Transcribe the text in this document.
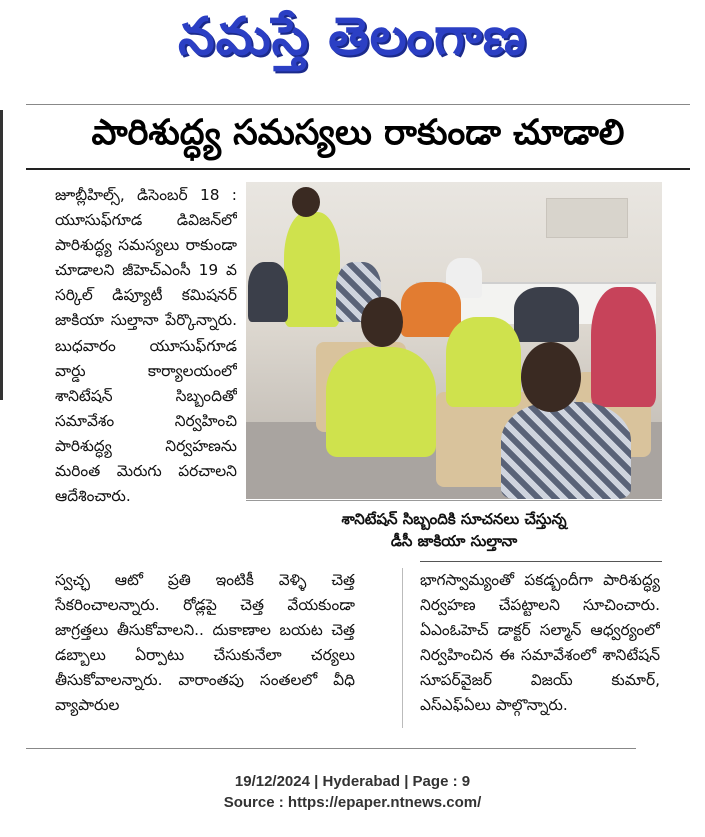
నమస్తే తెలంగాణ
పారిశుద్ధ్య సమస్యలు రాకుండా చూడాలి
జూబ్లీహిల్స్, డిసెంబర్ 18 : యూసుఫ్‌గూడ డివిజన్‌లో పారిశుద్ధ్య సమస్యలు రాకుండా చూడాలని జీహెచ్‌ఎంసీ 19 వ సర్కిల్ డిప్యూటీ కమిషనర్ జాకియా సుల్తానా పేర్కొన్నారు. బుధవారం యూసుఫ్‌గూడ వార్డు కార్యాలయంలో శానిటేషన్ సిబ్బందితో సమావేశం నిర్వహించి పారిశుద్ధ్య నిర్వహణను మరింత మెరుగు పరచాలని ఆదేశించారు.
శానిటేషన్ సిబ్బందికి సూచనలు చేస్తున్న
డీసీ జాకియా సుల్తానా
స్వచ్ఛ ఆటో ప్రతి ఇంటికీ వెళ్ళి చెత్త సేకరించాలన్నారు. రోడ్లపై చెత్త వేయకుండా జాగ్రత్తలు తీసుకోవాలని.. దుకాణాల బయట చెత్త డబ్బాలు ఏర్పాటు చేసుకునేలా చర్యలు తీసుకోవాలన్నారు. వారాంతపు సంతలలో వీధి వ్యాపారుల
భాగస్వామ్యంతో పకడ్బందీగా పారిశుద్ధ్య నిర్వహణ చేపట్టాలని సూచించారు. ఏఎంఓహెచ్ డాక్టర్ సల్మాన్ ఆధ్వర్యంలో నిర్వహించిన ఈ సమావేశంలో శానిటేషన్ సూపర్‌వైజర్ విజయ్ కుమార్, ఎస్‌ఎఫ్‌ఏలు పాల్గొన్నారు.
19/12/2024 | Hyderabad | Page : 9
Source : https://epaper.ntnews.com/
